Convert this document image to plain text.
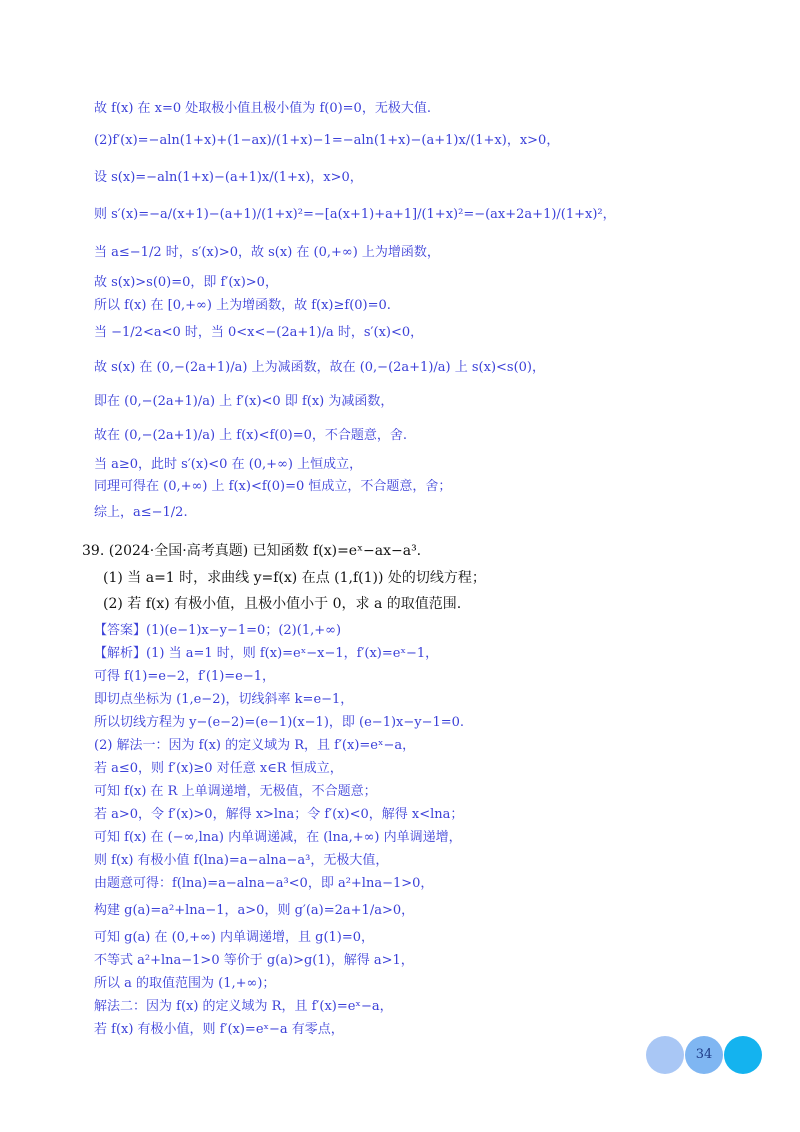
故 f(x) 在 x=0 处取极小值且极小值为 f(0)=0，无极大值.
(2)f′(x)=−aln(1+x)+(1−ax)/(1+x)−1=−aln(1+x)−(a+1)x/(1+x)，x>0，
设 s(x)=−aln(1+x)−(a+1)x/(1+x)，x>0，
则 s′(x)=−a/(x+1)−(a+1)/(1+x)²=−[a(x+1)+a+1]/(1+x)²=−(ax+2a+1)/(1+x)²，
当 a≤−1/2 时，s′(x)>0，故 s(x) 在 (0,+∞) 上为增函数，
故 s(x)>s(0)=0，即 f′(x)>0，
所以 f(x) 在 [0,+∞) 上为增函数，故 f(x)≥f(0)=0.
当 −1/2<a<0 时，当 0<x<−(2a+1)/a 时，s′(x)<0，
故 s(x) 在 (0,−(2a+1)/a) 上为减函数，故在 (0,−(2a+1)/a) 上 s(x)<s(0)，
即在 (0,−(2a+1)/a) 上 f′(x)<0 即 f(x) 为减函数，
故在 (0,−(2a+1)/a) 上 f(x)<f(0)=0，不合题意，舍.
当 a≥0，此时 s′(x)<0 在 (0,+∞) 上恒成立，
同理可得在 (0,+∞) 上 f(x)<f(0)=0 恒成立，不合题意，舍；
综上，a≤−1/2.
39. (2024·全国·高考真题) 已知函数 f(x)=eˣ−ax−a³.
(1) 当 a=1 时，求曲线 y=f(x) 在点 (1,f(1)) 处的切线方程；
(2) 若 f(x) 有极小值，且极小值小于 0，求 a 的取值范围.
【答案】(1)(e−1)x−y−1=0；(2)(1,+∞)
【解析】(1) 当 a=1 时，则 f(x)=eˣ−x−1，f′(x)=eˣ−1，
可得 f(1)=e−2，f′(1)=e−1，
即切点坐标为 (1,e−2)，切线斜率 k=e−1，
所以切线方程为 y−(e−2)=(e−1)(x−1)，即 (e−1)x−y−1=0.
(2) 解法一：因为 f(x) 的定义域为 R，且 f′(x)=eˣ−a，
若 a≤0，则 f′(x)≥0 对任意 x∈R 恒成立，
可知 f(x) 在 R 上单调递增，无极值，不合题意；
若 a>0，令 f′(x)>0，解得 x>lna；令 f′(x)<0，解得 x<lna；
可知 f(x) 在 (−∞,lna) 内单调递减，在 (lna,+∞) 内单调递增，
则 f(x) 有极小值 f(lna)=a−alna−a³，无极大值，
由题意可得：f(lna)=a−alna−a³<0，即 a²+lna−1>0，
构建 g(a)=a²+lna−1，a>0，则 g′(a)=2a+1/a>0，
可知 g(a) 在 (0,+∞) 内单调递增，且 g(1)=0，
不等式 a²+lna−1>0 等价于 g(a)>g(1)，解得 a>1，
所以 a 的取值范围为 (1,+∞)；
解法二：因为 f(x) 的定义域为 R，且 f′(x)=eˣ−a，
若 f(x) 有极小值，则 f′(x)=eˣ−a 有零点，
34
